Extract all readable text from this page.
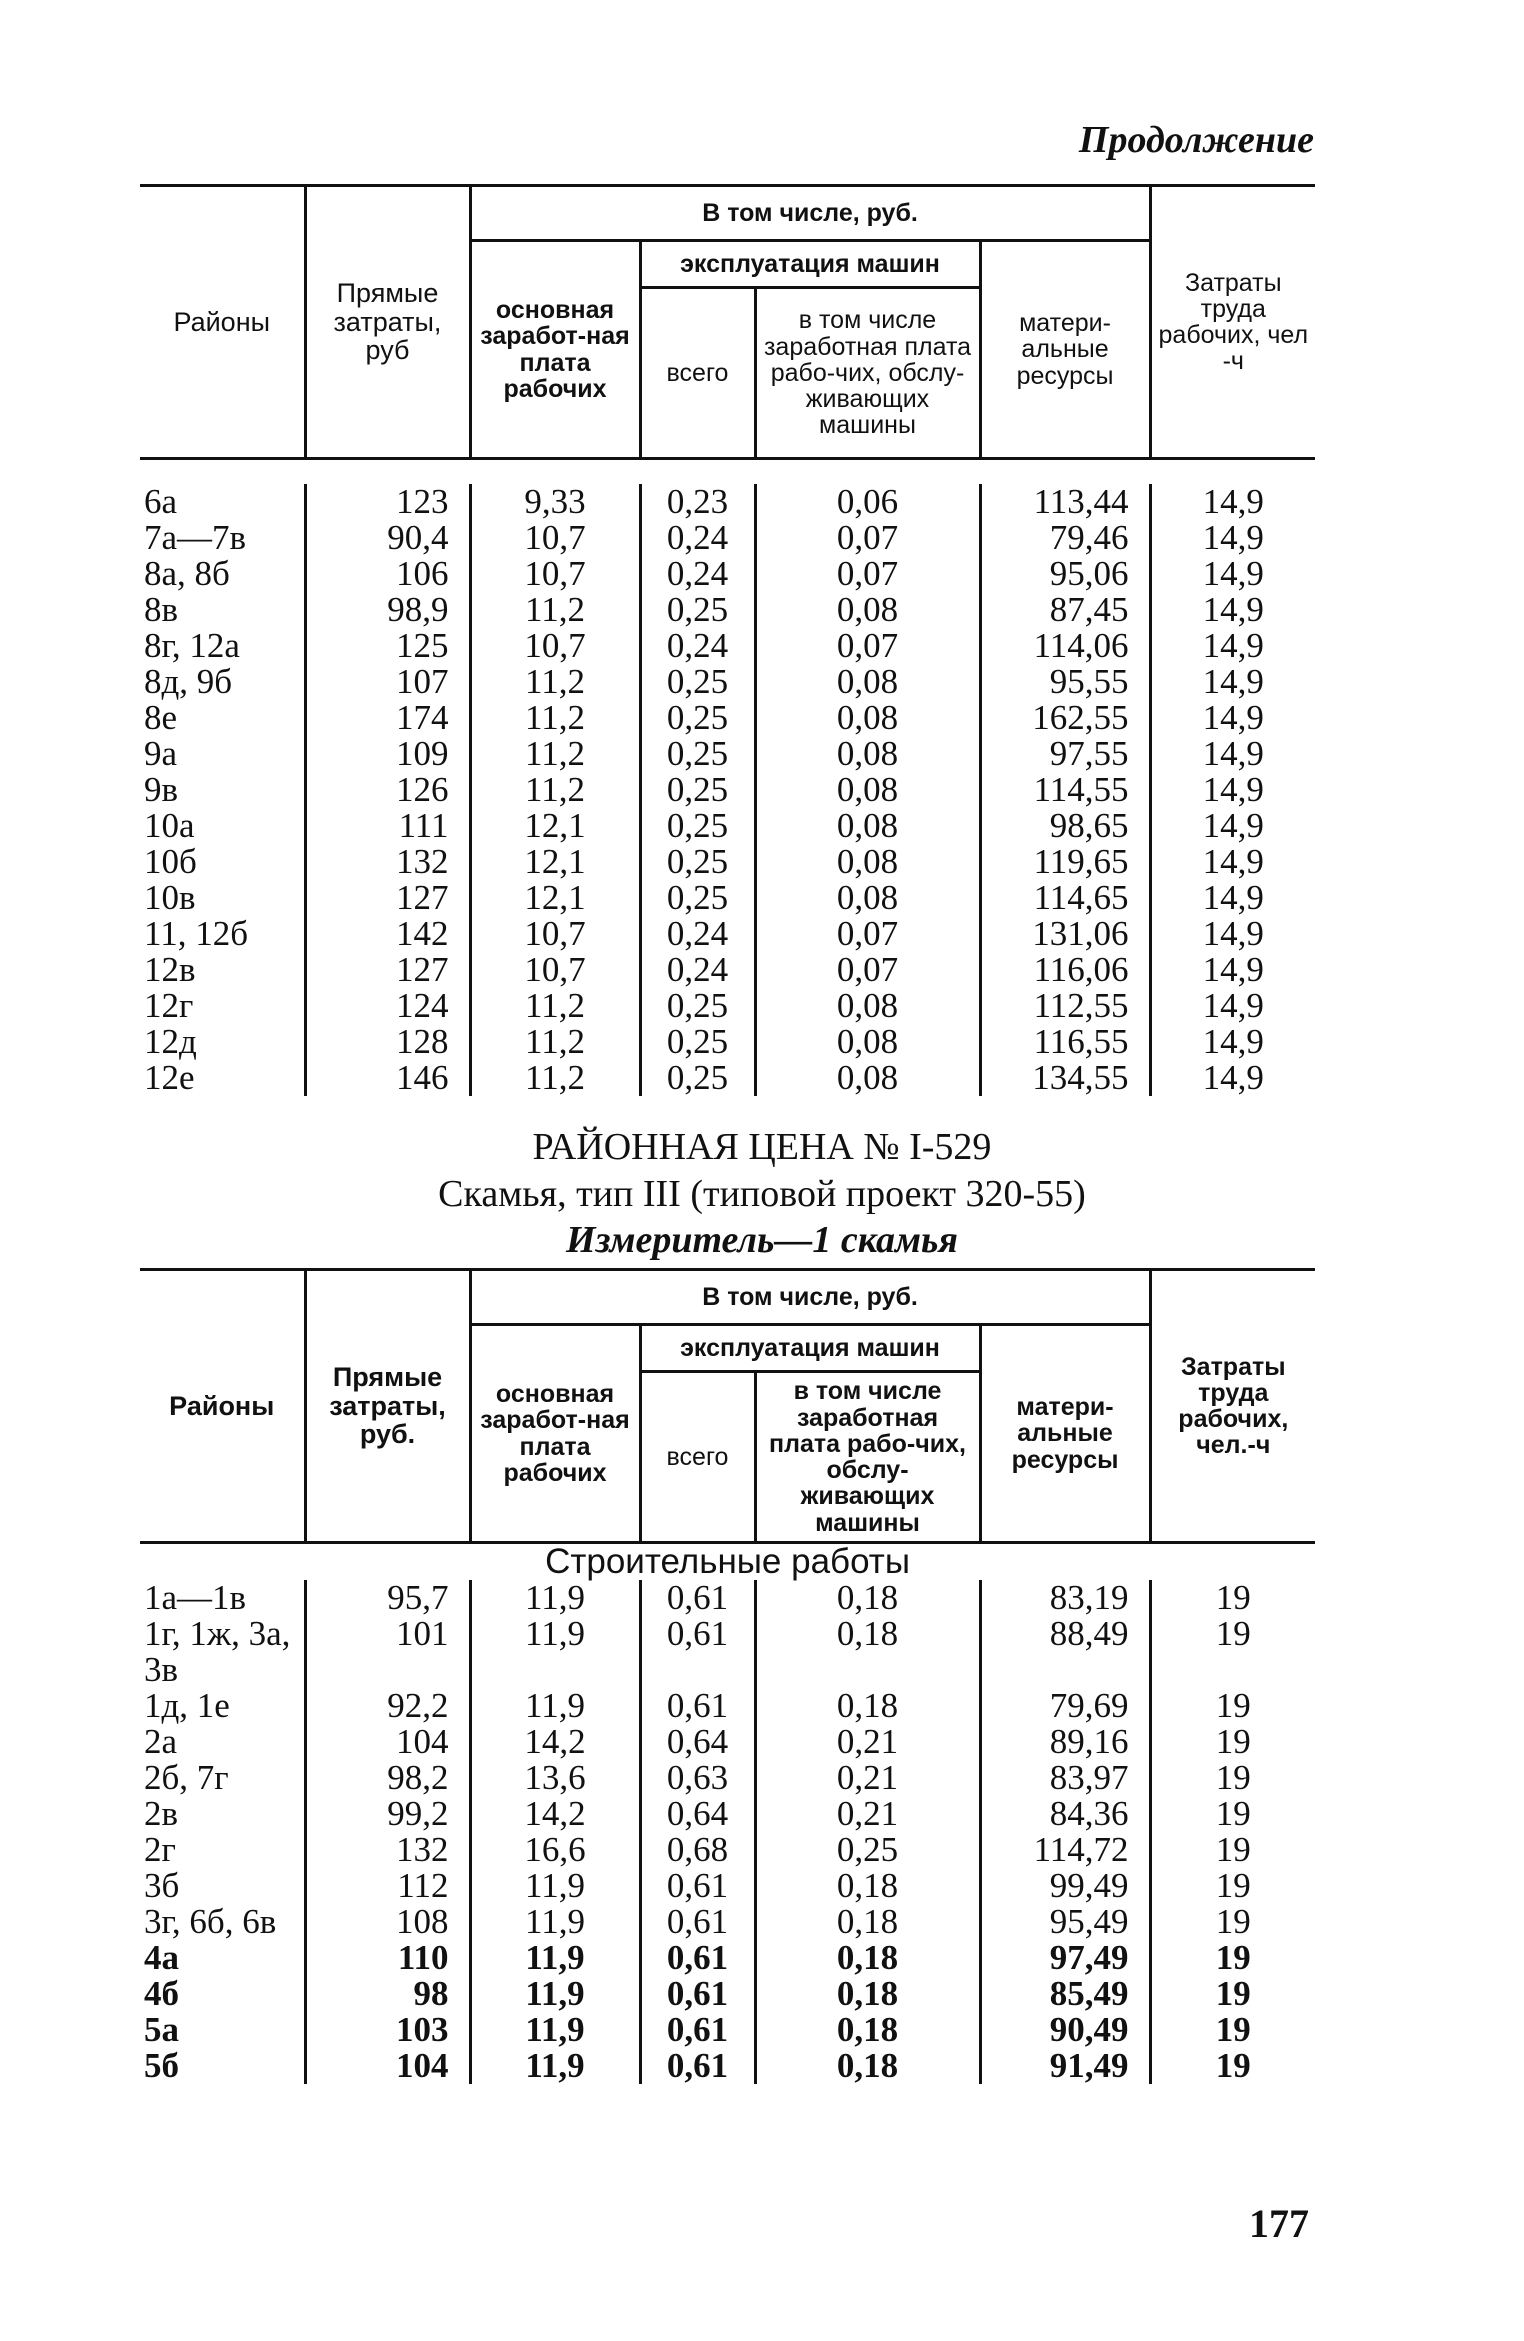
Продолжение
Районы	Прямые затраты, руб	В том числе, руб.				Затраты труда рабочих, чел -ч
		основная заработ-ная плата рабочих	эксплуатация машин		матери-альные ресурсы	
			всего	в том числе заработная плата рабо-чих, обслу-живающих машины		

6а	123	9,33	0,23	0,06	113,44	14,9
7а—7в	90,4	10,7	0,24	0,07	79,46	14,9
8а, 8б	106	10,7	0,24	0,07	95,06	14,9
8в	98,9	11,2	0,25	0,08	87,45	14,9
8г, 12а	125	10,7	0,24	0,07	114,06	14,9
8д, 9б	107	11,2	0,25	0,08	95,55	14,9
8е	174	11,2	0,25	0,08	162,55	14,9
9а	109	11,2	0,25	0,08	97,55	14,9
9в	126	11,2	0,25	0,08	114,55	14,9
10а	111	12,1	0,25	0,08	98,65	14,9
10б	132	12,1	0,25	0,08	119,65	14,9
10в	127	12,1	0,25	0,08	114,65	14,9
11, 12б	142	10,7	0,24	0,07	131,06	14,9
12в	127	10,7	0,24	0,07	116,06	14,9
12г	124	11,2	0,25	0,08	112,55	14,9
12д	128	11,2	0,25	0,08	116,55	14,9
12е	146	11,2	0,25	0,08	134,55	14,9
РАЙОННАЯ ЦЕНА № I-529
Скамья, тип III (типовой проект 320-55)
Измеритель—1 скамья
Районы	Прямые затраты, руб.	В том числе, руб.				Затраты труда рабочих, чел.-ч
		основная заработ-ная плата рабочих	эксплуатация машин		матери-альные ресурсы	
			всего	в том числе заработная плата рабо-чих, обслу-живающих машины		
Строительные работы						
1а—1в	95,7	11,9	0,61	0,18	83,19	19
1г, 1ж, 3а, 3в	101	11,9	0,61	0,18	88,49	19
1д, 1е	92,2	11,9	0,61	0,18	79,69	19
2а	104	14,2	0,64	0,21	89,16	19
2б, 7г	98,2	13,6	0,63	0,21	83,97	19
2в	99,2	14,2	0,64	0,21	84,36	19
2г	132	16,6	0,68	0,25	114,72	19
3б	112	11,9	0,61	0,18	99,49	19
3г, 6б, 6в	108	11,9	0,61	0,18	95,49	19
4а	110	11,9	0,61	0,18	97,49	19
4б	98	11,9	0,61	0,18	85,49	19
5а	103	11,9	0,61	0,18	90,49	19
5б	104	11,9	0,61	0,18	91,49	19
177
